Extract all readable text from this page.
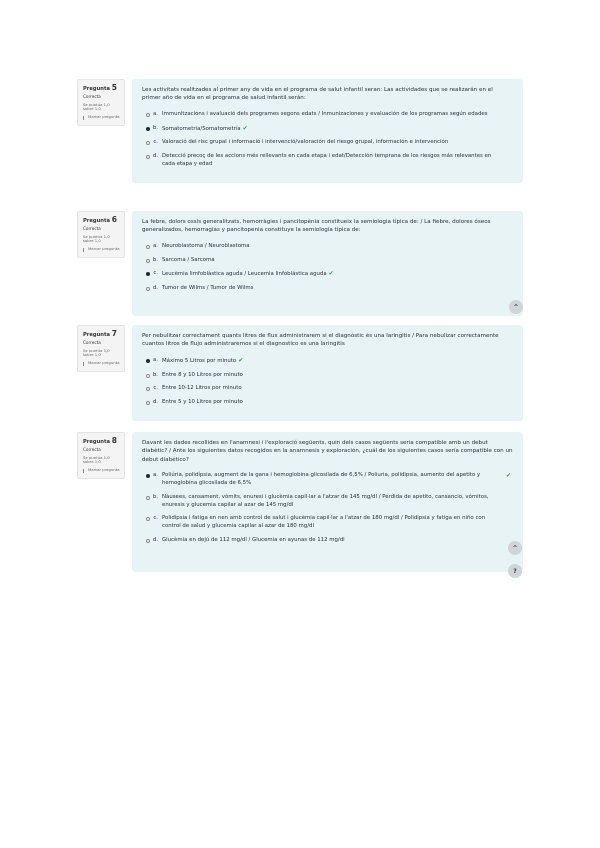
Pregunta 5
Correcta
Se puntúa 1,0 sobre 1,0
Marcar pregunta
Les activitats realitzades al primer any de vida en el programa de salut infantil seran: Las actividades que se realizarán en el primer año de vida en el programa de salud infantil serán:
a. Immunitzacions i avaluació dels programes segons edats / Inmunizaciones y evaluación de los programas según edades
b. Somatometria/Somatometría ✔
c. Valoració del risc grupal i informació i intervenció/valoración del riesgo grupal, información e intervención
d. Detecció precoç de les accions més rellevants en cada etapa i edat/Detección temprana de los riesgos más relevantes en cada etapa y edad
Pregunta 6
Correcta
Se puntúa 1,0 sobre 1,0
Marcar pregunta
La febre, dolors ossis generalitzats, hemorràgies i pancitopènia constitueix la semiologia típica de: / La fiebre, dolores óseos generalizados, hemorragias y pancitopenia constituye la semiología típica de:
a. Neuroblastoma / Neuroblastoma
b. Sarcoma / Sarcoma
c. Leucèmia limfoblàstica aguda / Leucemia linfoblástica aguda ✔
d. Tumor de Wilms / Tumor de Wilms
^
Pregunta 7
Correcta
Se puntúa 1,0 sobre 1,0
Marcar pregunta
Per nebulitzar correctament quants litres de flux administrarem si el diagnòstic és una laringitis / Para nebulizar correctamente cuantos litros de flujo administraremos si el diagnostico es una laringitis
a. Máximo 5 Litros por minuto ✔
b. Entre 8 y 10 Litros por minuto
c. Entre 10-12 Litros por minuto
d. Entre 5 y 10 Litros por minuto
Pregunta 8
Correcta
Se puntúa 1,0 sobre 1,0
Marcar pregunta
Davant les dades recollides en l'anamnesi i l'exploració següents, quin dels casos següents seria compatible amb un debut diabètic? / Ante los siguientes datos recogidos en la anamnesis y exploración, ¿cuál de los siguientes casos sería compatible con un debut diabético?
a. Poliúria, polidípsia, augment de la gana i hemoglobina glicosilada de 6,5% / Poliuria, polidipsia, aumento del apetito y hemoglobina glicosilada de 6,5%
✔
b. Nàusees, cansament, vòmits, enuresi i glucèmia capil·lar a l'atzar de 145 mg/dl / Pérdida de apetito, cansancio, vómitos, enuresis y glucemia capilar al azar de 145 mg/dl
c. Polidípsia i fatiga en nen amb control de salut i glucèmia capil·lar a l'atzar de 180 mg/dl / Polidipsia y fatiga en niño con control de salud y glucemia capilar al azar de 180 mg/dl
d. Glucèmia en dejú de 112 mg/dl / Glucemia en ayunas de 112 mg/dl
^
?
